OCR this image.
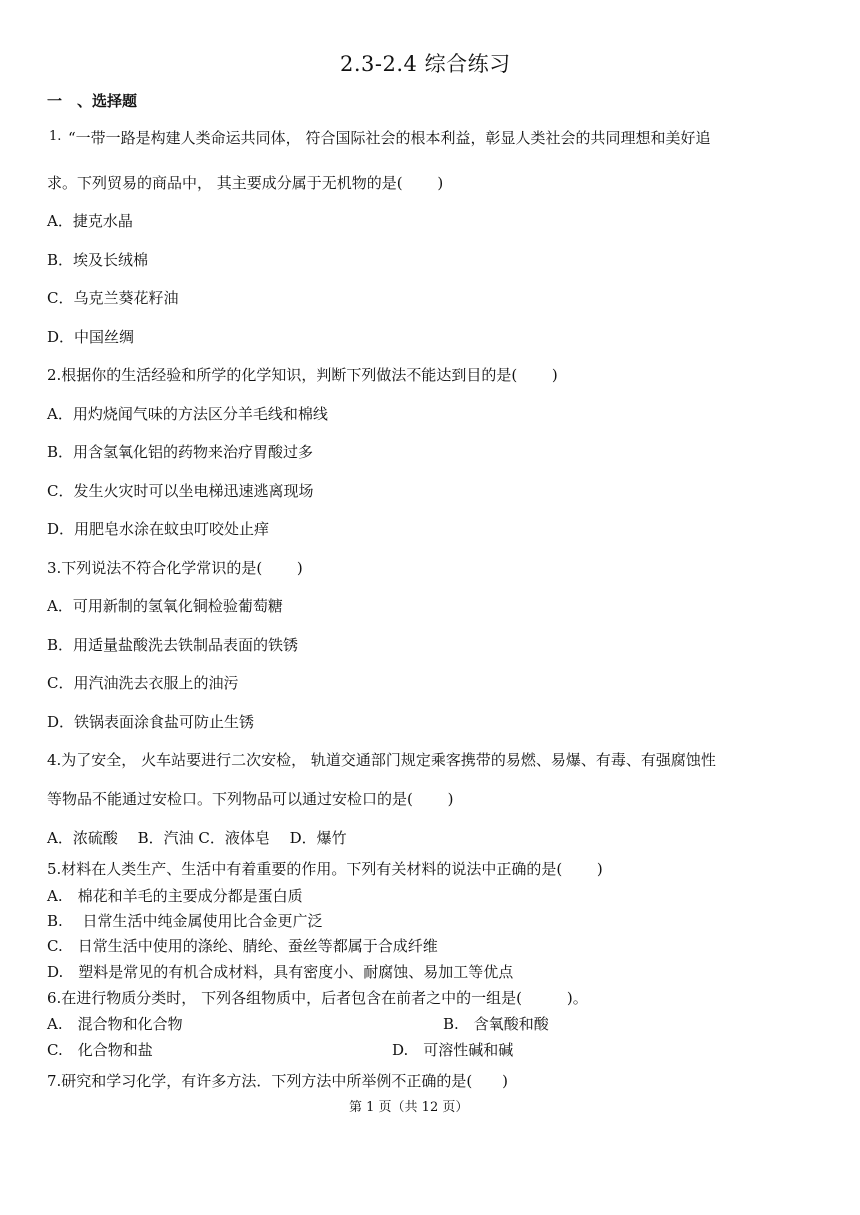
2.3-2.4 综合练习
一　、选择题
1. “一带一路是构建人类命运共同体， 符合国际社会的根本利益，彰显人类社会的共同理想和美好追
求。下列贸易的商品中， 其主要成分属于无机物的是(　　 )
A．捷克水晶
B．埃及长绒棉
C．乌克兰葵花籽油
D．中国丝绸
2.根据你的生活经验和所学的化学知识，判断下列做法不能达到目的是(　　 )
A．用灼烧闻气味的方法区分羊毛线和棉线
B．用含氢氧化铝的药物来治疗胃酸过多
C．发生火灾时可以坐电梯迅速逃离现场
D．用肥皂水涂在蚊虫叮咬处止痒
3.下列说法不符合化学常识的是(　　 )
A．可用新制的氢氧化铜检验葡萄糖
B．用适量盐酸洗去铁制品表面的铁锈
C．用汽油洗去衣服上的油污
D．铁锅表面涂食盐可防止生锈
4.为了安全， 火车站要进行二次安检， 轨道交通部门规定乘客携带的易燃、易爆、有毒、有强腐蚀性
等物品不能通过安检口。下列物品可以通过安检口的是(　　 )
A．浓硫酸　 B．汽油 C．液体皂　 D．爆竹
5.材料在人类生产、生活中有着重要的作用。下列有关材料的说法中正确的是(　　 )
A.　棉花和羊毛的主要成分都是蛋白质
B.　 日常生活中纯金属使用比合金更广泛
C.　日常生活中使用的涤纶、腈纶、蚕丝等都属于合成纤维
D.　塑料是常见的有机合成材料，具有密度小、耐腐蚀、易加工等优点
6.在进行物质分类时， 下列各组物质中，后者包含在前者之中的一组是(　　　)。
A.　混合物和化合物	B.　含氧酸和酸
C.　化合物和盐	D.　可溶性碱和碱
7.研究和学习化学，有许多方法．下列方法中所举例不正确的是(　　)
第 1 页（共 12 页）
